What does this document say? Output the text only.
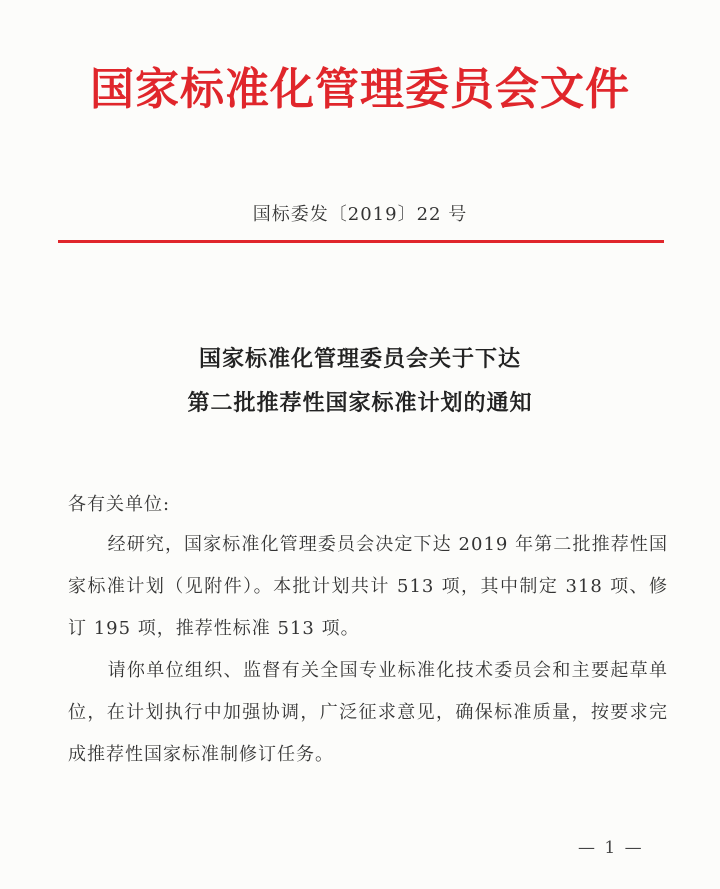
国家标准化管理委员会文件
国标委发〔2019〕22 号
国家标准化管理委员会关于下达
第二批推荐性国家标准计划的通知
各有关单位:

经研究，国家标准化管理委员会决定下达 2019 年第二批推荐性国家标准计划（见附件）。本批计划共计 513 项，其中制定 318 项、修订 195 项，推荐性标准 513 项。

请你单位组织、监督有关全国专业标准化技术委员会和主要起草单位，在计划执行中加强协调，广泛征求意见，确保标准质量，按要求完成推荐性国家标准制修订任务。

— 1 —
